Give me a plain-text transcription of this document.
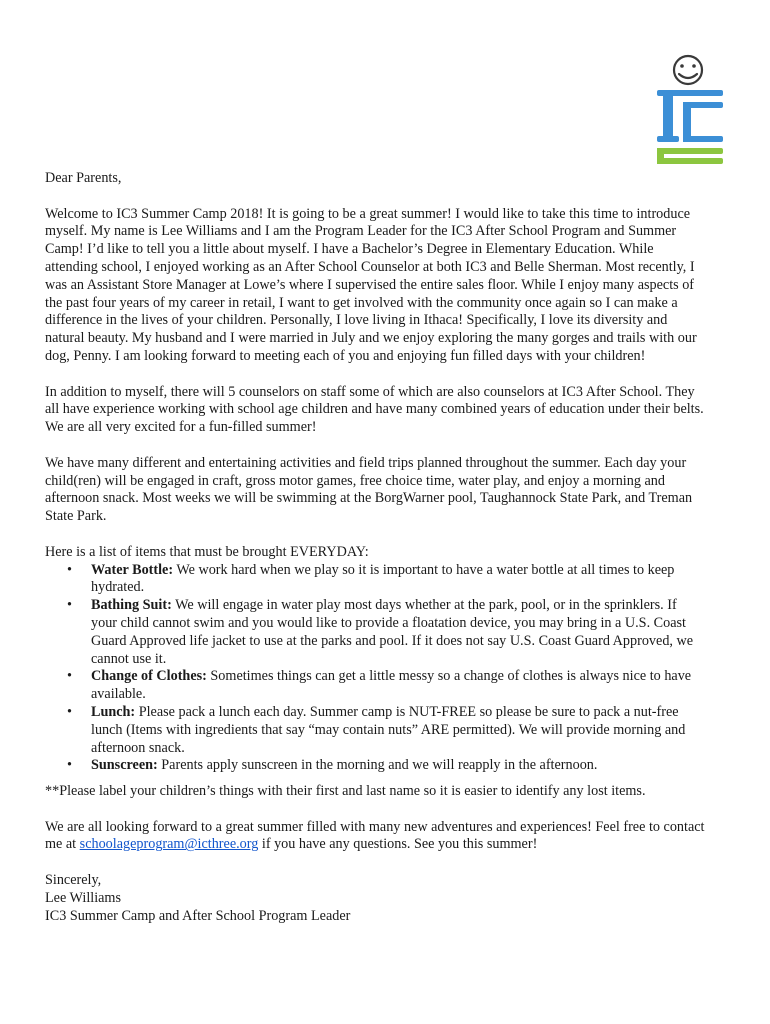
Dear Parents,

Welcome to IC3 Summer Camp 2018! It is going to be a great summer! I would like to take this time to introduce myself. My name is Lee Williams and I am the Program Leader for the IC3 After School Program and Summer Camp! I’d like to tell you a little about myself. I have a Bachelor’s Degree in Elementary Education. While attending school, I enjoyed working as an After School Counselor at both IC3 and Belle Sherman. Most recently, I was an Assistant Store Manager at Lowe’s where I supervised the entire sales floor. While I enjoy many aspects of the past four years of my career in retail, I want to get involved with the community once again so I can make a difference in the lives of your children. Personally, I love living in Ithaca! Specifically, I love its diversity and natural beauty. My husband and I were married in July and we enjoy exploring the many gorges and trails with our dog, Penny. I am looking forward to meeting each of you and enjoying fun filled days with your children!

In addition to myself, there will 5 counselors on staff some of which are also counselors at IC3 After School. They all have experience working with school age children and have many combined years of education under their belts. We are all very excited for a fun-filled summer!

We have many different and entertaining activities and field trips planned throughout the summer. Each day your child(ren) will be engaged in craft, gross motor games, free choice time, water play, and enjoy a morning and afternoon snack. Most weeks we will be swimming at the BorgWarner pool, Taughannock State Park, and Treman State Park.

Here is a list of items that must be brought EVERYDAY:

• Water Bottle: We work hard when we play so it is important to have a water bottle at all times to keep hydrated.
• Bathing Suit: We will engage in water play most days whether at the park, pool, or in the sprinklers. If your child cannot swim and you would like to provide a floatation device, you may bring in a U.S. Coast Guard Approved life jacket to use at the parks and pool. If it does not say U.S. Coast Guard Approved, we cannot use it.
• Change of Clothes: Sometimes things can get a little messy so a change of clothes is always nice to have available.
• Lunch: Please pack a lunch each day. Summer camp is NUT-FREE so please be sure to pack a nut-free lunch (Items with ingredients that say “may contain nuts” ARE permitted). We will provide morning and afternoon snack.
• Sunscreen: Parents apply sunscreen in the morning and we will reapply in the afternoon.

**Please label your children’s things with their first and last name so it is easier to identify any lost items.

We are all looking forward to a great summer filled with many new adventures and experiences! Feel free to contact me at schoolageprogram@icthree.org if you have any questions. See you this summer!

Sincerely,
Lee Williams
IC3 Summer Camp and After School Program Leader
